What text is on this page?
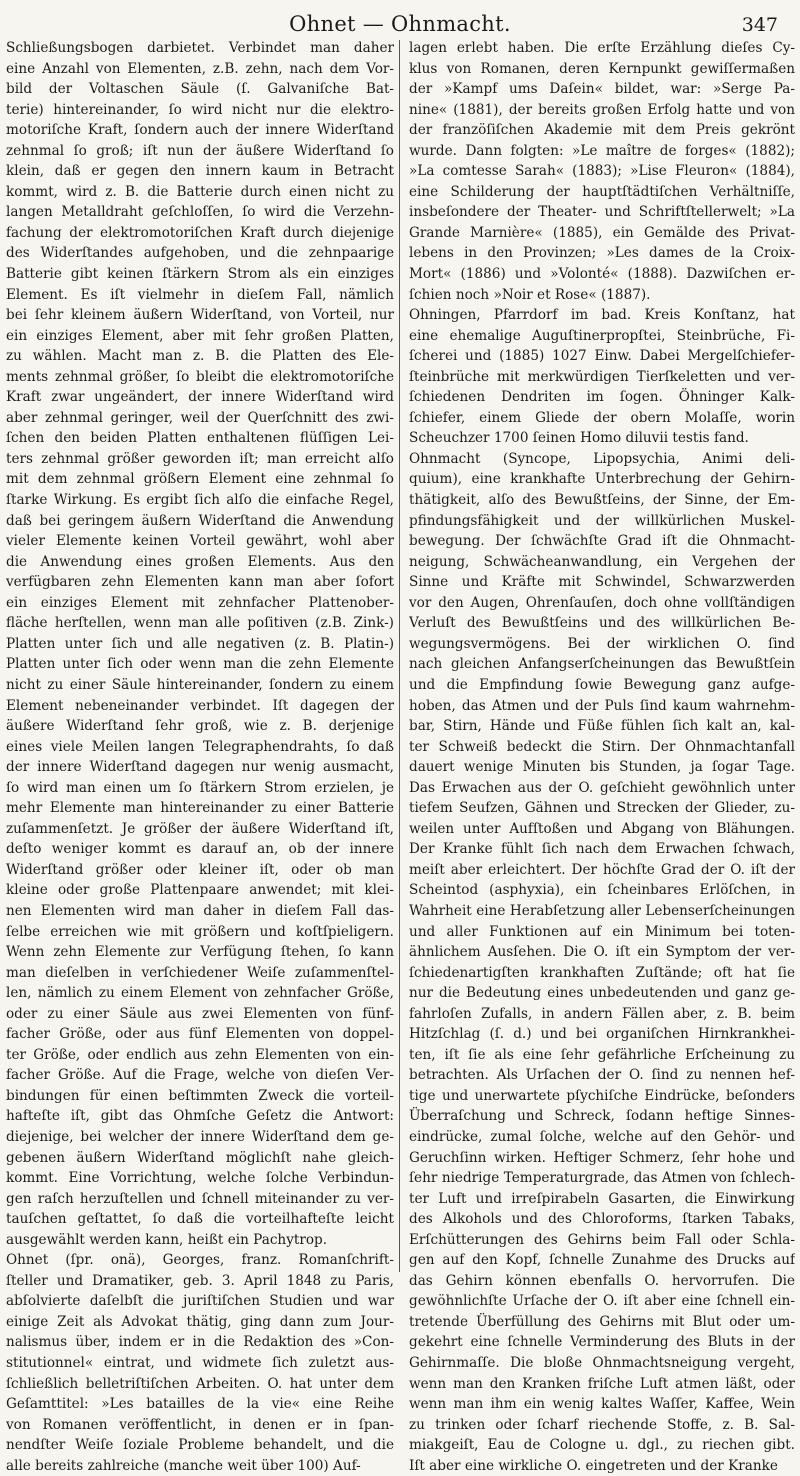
Ohnet — Ohnmacht.	347
Schließungsbogen darbietet. Verbindet man daher
eine Anzahl von Elementen, z.B. zehn, nach dem Vor-
bild der Voltaschen Säule (ſ. Galvaniſche Bat-
terie) hintereinander, ſo wird nicht nur die elektro-
motoriſche Kraft, ſondern auch der innere Widerſtand
zehnmal ſo groß; iſt nun der äußere Widerſtand ſo
klein, daß er gegen den innern kaum in Betracht
kommt, wird z. B. die Batterie durch einen nicht zu
langen Metalldraht geſchloſſen, ſo wird die Verzehn-
fachung der elektromotoriſchen Kraft durch diejenige
des Widerſtandes aufgehoben, und die zehnpaarige
Batterie gibt keinen ſtärkern Strom als ein einziges
Element. Es iſt vielmehr in dieſem Fall, nämlich
bei ſehr kleinem äußern Widerſtand, von Vorteil, nur
ein einziges Element, aber mit ſehr großen Platten,
zu wählen. Macht man z. B. die Platten des Ele-
ments zehnmal größer, ſo bleibt die elektromotoriſche
Kraft zwar ungeändert, der innere Widerſtand wird
aber zehnmal geringer, weil der Querſchnitt des zwi-
ſchen den beiden Platten enthaltenen flüſſigen Lei-
ters zehnmal größer geworden iſt; man erreicht alſo
mit dem zehnmal größern Element eine zehnmal ſo
ſtarke Wirkung. Es ergibt ſich alſo die einfache Regel,
daß bei geringem äußern Widerſtand die Anwendung
vieler Elemente keinen Vorteil gewährt, wohl aber
die Anwendung eines großen Elements. Aus den
verfügbaren zehn Elementen kann man aber ſofort
ein einziges Element mit zehnfacher Plattenober-
fläche herſtellen, wenn man alle poſitiven (z.B. Zink-)
Platten unter ſich und alle negativen (z. B. Platin-)
Platten unter ſich oder wenn man die zehn Elemente
nicht zu einer Säule hintereinander, ſondern zu einem
Element nebeneinander verbindet. Iſt dagegen der
äußere Widerſtand ſehr groß, wie z. B. derjenige
eines viele Meilen langen Telegraphendrahts, ſo daß
der innere Widerſtand dagegen nur wenig ausmacht,
ſo wird man einen um ſo ſtärkern Strom erzielen, je
mehr Elemente man hintereinander zu einer Batterie
zuſammenſetzt. Je größer der äußere Widerſtand iſt,
deſto weniger kommt es darauf an, ob der innere
Widerſtand größer oder kleiner iſt, oder ob man
kleine oder große Plattenpaare anwendet; mit klei-
nen Elementen wird man daher in dieſem Fall das-
ſelbe erreichen wie mit größern und koſtſpieligern.
Wenn zehn Elemente zur Verfügung ſtehen, ſo kann
man dieſelben in verſchiedener Weiſe zuſammenſtel-
len, nämlich zu einem Element von zehnfacher Größe,
oder zu einer Säule aus zwei Elementen von fünf-
facher Größe, oder aus fünf Elementen von doppel-
ter Größe, oder endlich aus zehn Elementen von ein-
facher Größe. Auf die Frage, welche von dieſen Ver-
bindungen für einen beſtimmten Zweck die vorteil-
hafteſte iſt, gibt das Ohmſche Geſetz die Antwort:
diejenige, bei welcher der innere Widerſtand dem ge-
gebenen äußern Widerſtand möglichſt nahe gleich-
kommt. Eine Vorrichtung, welche ſolche Verbindun-
gen raſch herzuſtellen und ſchnell miteinander zu ver-
tauſchen geſtattet, ſo daß die vorteilhafteſte leicht
ausgewählt werden kann, heißt ein Pachytrop.
Ohnet (ſpr. onä), Georges, franz. Romanſchrift-
ſteller und Dramatiker, geb. 3. April 1848 zu Paris,
abſolvierte daſelbſt die juriſtiſchen Studien und war
einige Zeit als Advokat thätig, ging dann zum Jour-
nalismus über, indem er in die Redaktion des »Con-
stitutionnel« eintrat, und widmete ſich zuletzt aus-
ſchließlich belletriſtiſchen Arbeiten. O. hat unter dem
Geſamttitel: »Les batailles de la vie« eine Reihe
von Romanen veröffentlicht, in denen er in ſpan-
nendſter Weiſe ſoziale Probleme behandelt, und die
alle bereits zahlreiche (manche weit über 100) Auf-
lagen erlebt haben. Die erſte Erzählung dieſes Cy-
klus von Romanen, deren Kernpunkt gewiſſermaßen
der »Kampf ums Daſein« bildet, war: »Serge Pa-
nine« (1881), der bereits großen Erfolg hatte und von
der franzöſiſchen Akademie mit dem Preis gekrönt
wurde. Dann folgten: »Le maître de forges« (1882);
»La comtesse Sarah« (1883); »Lise Fleuron« (1884),
eine Schilderung der hauptſtädtiſchen Verhältniſſe,
insbeſondere der Theater- und Schriftſtellerwelt; »La
Grande Marnière« (1885), ein Gemälde des Privat-
lebens in den Provinzen; »Les dames de la Croix-
Mort« (1886) und »Volonté« (1888). Dazwiſchen er-
ſchien noch »Noir et Rose« (1887).
Ohningen, Pfarrdorf im bad. Kreis Konſtanz, hat
eine ehemalige Auguſtinerpropſtei, Steinbrüche, Fi-
ſcherei und (1885) 1027 Einw. Dabei Mergelſchiefer-
ſteinbrüche mit merkwürdigen Tierſkeletten und ver-
ſchiedenen Dendriten im ſogen. Öhninger Kalk-
ſchiefer, einem Gliede der obern Molaſſe, worin
Scheuchzer 1700 ſeinen Homo diluvii testis fand.
Ohnmacht (Syncope, Lipopsychia, Animi deli-
quium), eine krankhafte Unterbrechung der Gehirn-
thätigkeit, alſo des Bewußtſeins, der Sinne, der Em-
pfindungsfähigkeit und der willkürlichen Muskel-
bewegung. Der ſchwächſte Grad iſt die Ohnmacht-
neigung, Schwächeanwandlung, ein Vergehen der
Sinne und Kräfte mit Schwindel, Schwarzwerden
vor den Augen, Ohrenſauſen, doch ohne vollſtändigen
Verluſt des Bewußtſeins und des willkürlichen Be-
wegungsvermögens. Bei der wirklichen O. ſind
nach gleichen Anfangserſcheinungen das Bewußtſein
und die Empfindung ſowie Bewegung ganz aufge-
hoben, das Atmen und der Puls ſind kaum wahrnehm-
bar, Stirn, Hände und Füße fühlen ſich kalt an, kal-
ter Schweiß bedeckt die Stirn. Der Ohnmachtanfall
dauert wenige Minuten bis Stunden, ja ſogar Tage.
Das Erwachen aus der O. geſchieht gewöhnlich unter
tiefem Seufzen, Gähnen und Strecken der Glieder, zu-
weilen unter Aufſtoßen und Abgang von Blähungen.
Der Kranke fühlt ſich nach dem Erwachen ſchwach,
meiſt aber erleichtert. Der höchſte Grad der O. iſt der
Scheintod (asphyxia), ein ſcheinbares Erlöſchen, in
Wahrheit eine Herabſetzung aller Lebenserſcheinungen
und aller Funktionen auf ein Minimum bei toten-
ähnlichem Ausſehen. Die O. iſt ein Symptom der ver-
ſchiedenartigſten krankhaften Zuſtände; oft hat ſie
nur die Bedeutung eines unbedeutenden und ganz ge-
fahrloſen Zufalls, in andern Fällen aber, z. B. beim
Hitzſchlag (ſ. d.) und bei organiſchen Hirnkrankhei-
ten, iſt ſie als eine ſehr gefährliche Erſcheinung zu
betrachten. Als Urſachen der O. ſind zu nennen hef-
tige und unerwartete pſychiſche Eindrücke, beſonders
Überraſchung und Schreck, ſodann heftige Sinnes-
eindrücke, zumal ſolche, welche auf den Gehör- und
Geruchſinn wirken. Heftiger Schmerz, ſehr hohe und
ſehr niedrige Temperaturgrade, das Atmen von ſchlech-
ter Luft und irreſpirabeln Gasarten, die Einwirkung
des Alkohols und des Chloroforms, ſtarken Tabaks,
Erſchütterungen des Gehirns beim Fall oder Schla-
gen auf den Kopf, ſchnelle Zunahme des Drucks auf
das Gehirn können ebenfalls O. hervorrufen. Die
gewöhnlichſte Urſache der O. iſt aber eine ſchnell ein-
tretende Überfüllung des Gehirns mit Blut oder um-
gekehrt eine ſchnelle Verminderung des Bluts in der
Gehirnmaſſe. Die bloße Ohnmachtsneigung vergeht,
wenn man den Kranken friſche Luft atmen läßt, oder
wenn man ihm ein wenig kaltes Waſſer, Kaffee, Wein
zu trinken oder ſcharf riechende Stoffe, z. B. Sal-
miakgeiſt, Eau de Cologne u. dgl., zu riechen gibt.
Iſt aber eine wirkliche O. eingetreten und der Kranke
